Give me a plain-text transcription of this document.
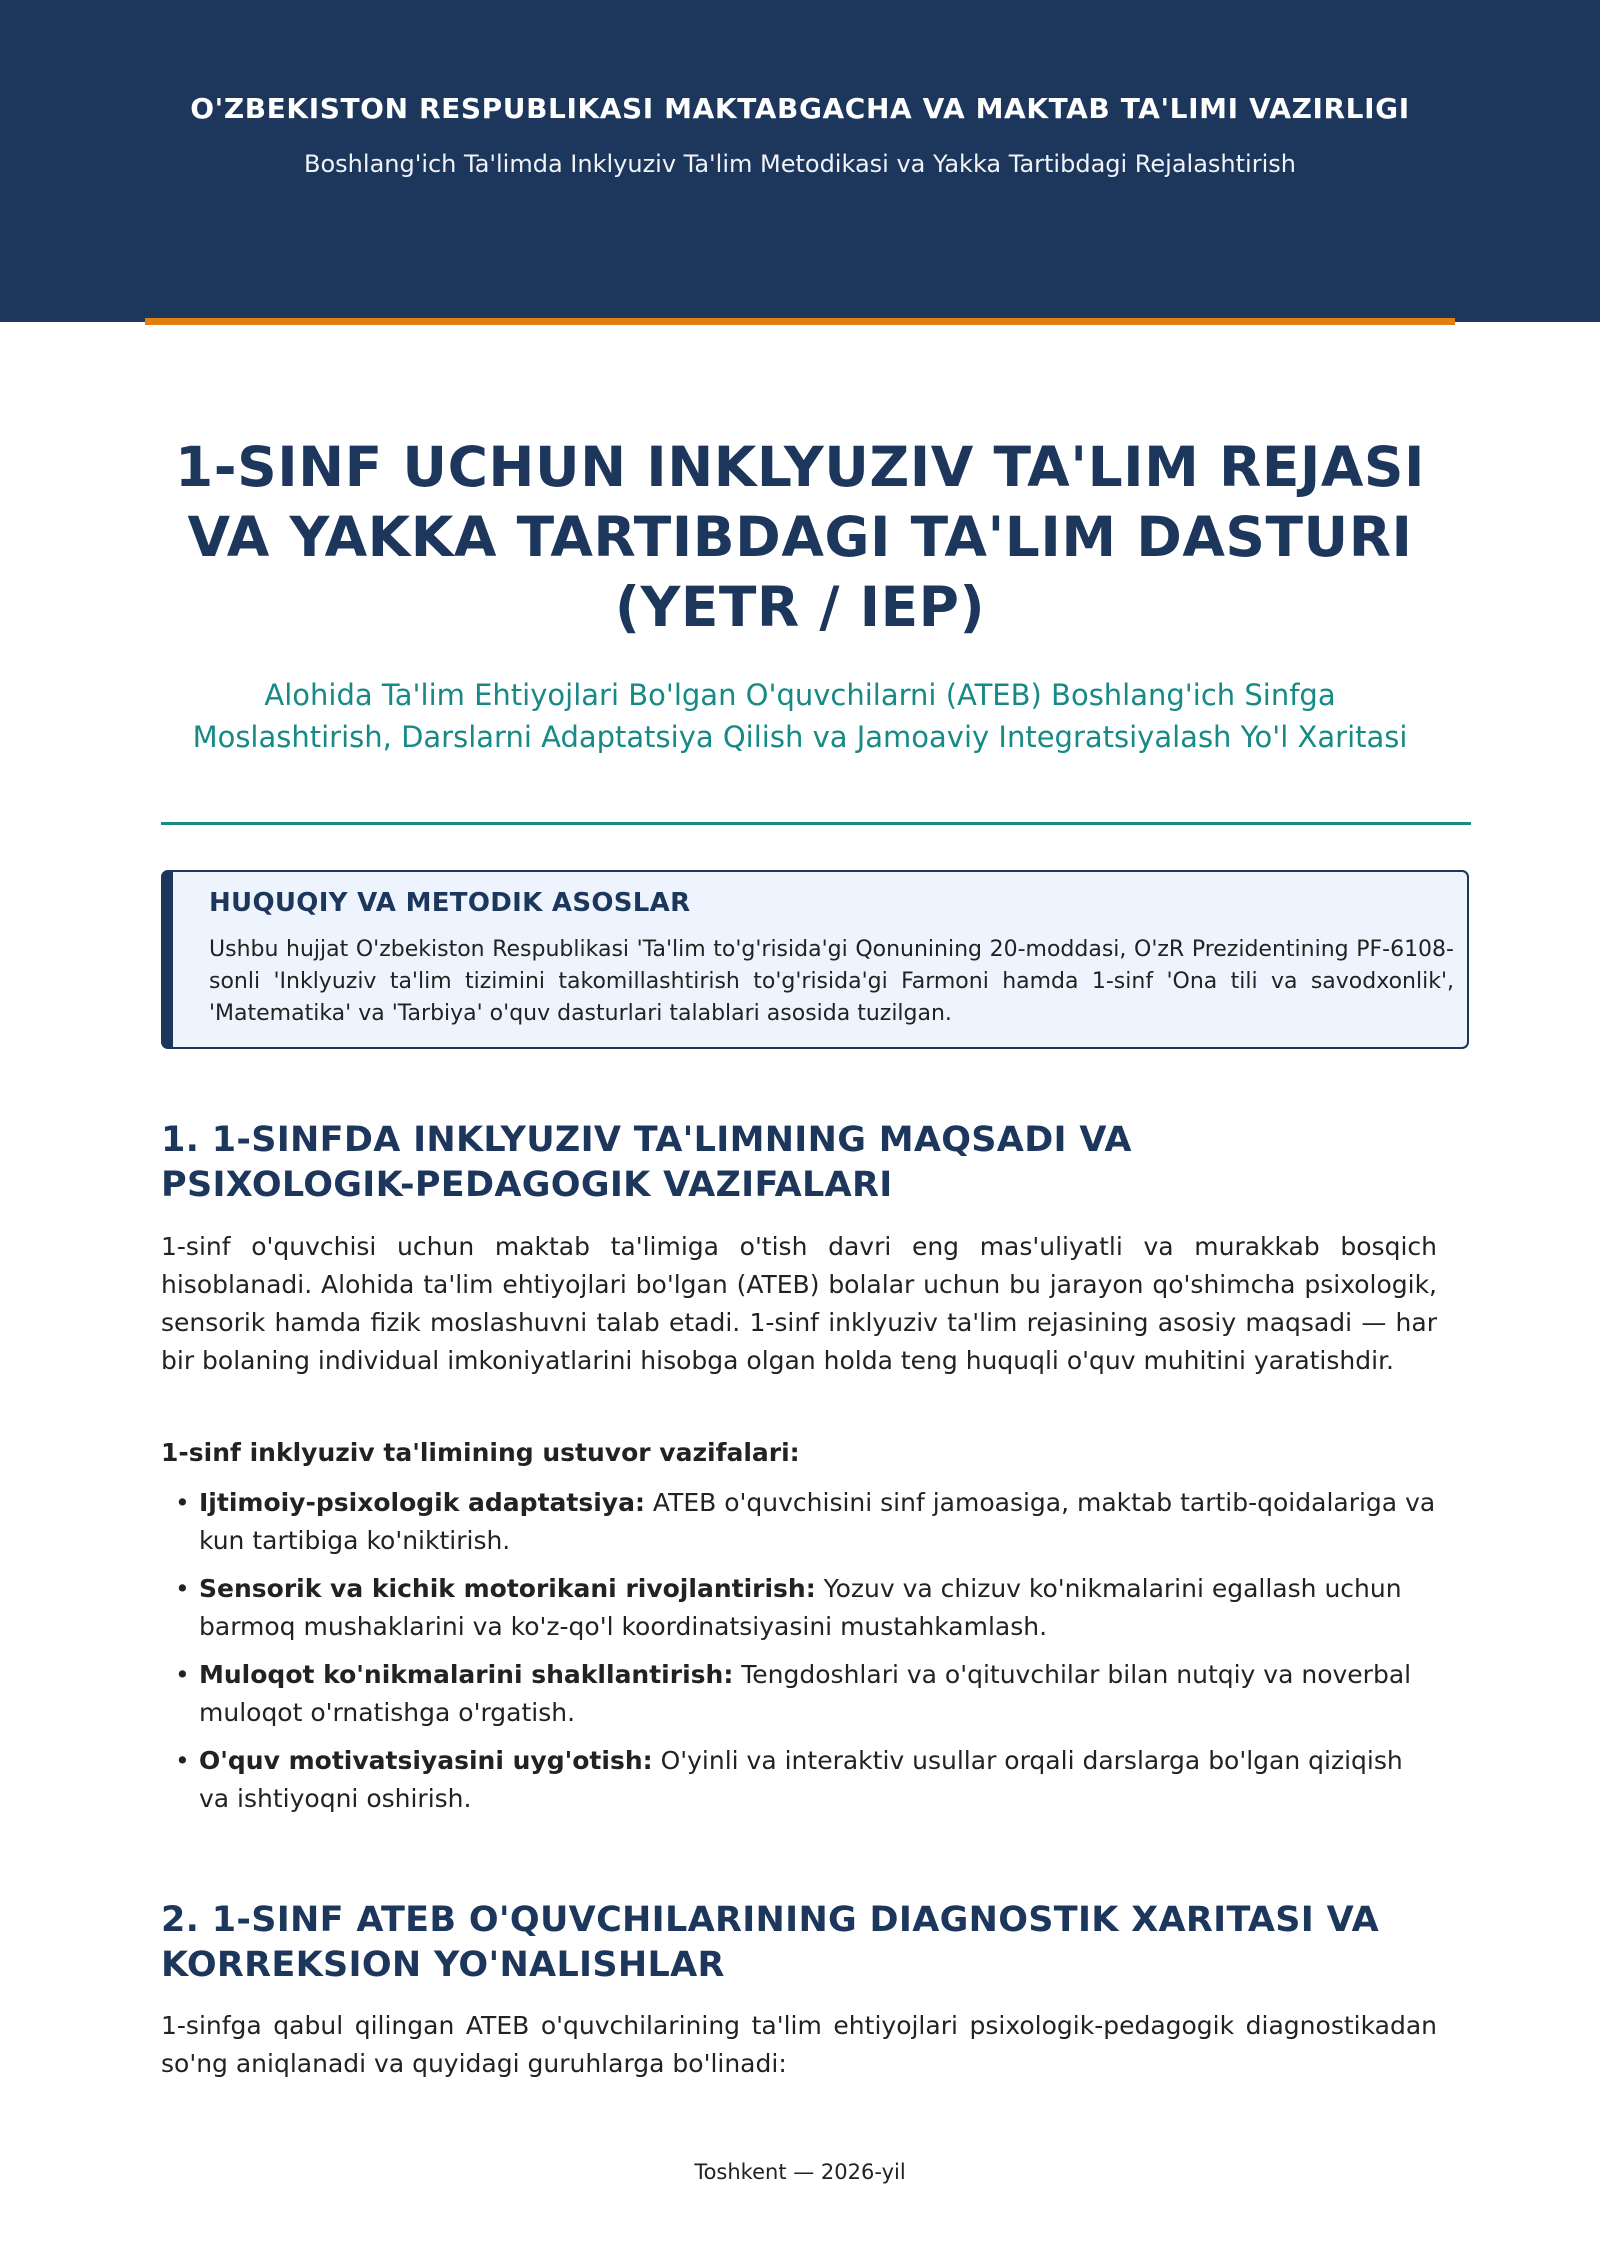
O'ZBEKISTON RESPUBLIKASI MAKTABGACHA VA MAKTAB TA'LIMI VAZIRLIGI
Boshlang'ich Ta'limda Inklyuziv Ta'lim Metodikasi va Yakka Tartibdagi Rejalashtirish
1-SINF UCHUN INKLYUZIV TA'LIM REJASI
VA YAKKA TARTIBDAGI TA'LIM DASTURI
(YETR / IEP)
Alohida Ta'lim Ehtiyojlari Bo'lgan O'quvchilarni (ATEB) Boshlang'ich Sinfga
Moslashtirish, Darslarni Adaptatsiya Qilish va Jamoaviy Integratsiyalash Yo'l Xaritasi
HUQUQIY VA METODIK ASOSLAR
Ushbu hujjat O'zbekiston Respublikasi 'Ta'lim to'g'risida'gi Qonunining 20-moddasi, O'zR Prezidentining PF-6108-sonli 'Inklyuziv ta'lim tizimini takomillashtirish to'g'risida'gi Farmoni hamda 1-sinf 'Ona tili va savodxonlik', 'Matematika' va 'Tarbiya' o'quv dasturlari talablari asosida tuzilgan.
1. 1-SINFDA INKLYUZIV TA'LIMNING MAQSADI VA
PSIXOLOGIK-PEDAGOGIK VAZIFALARI
1-sinf o'quvchisi uchun maktab ta'limiga o'tish davri eng mas'uliyatli va murakkab bosqich hisoblanadi. Alohida ta'lim ehtiyojlari bo'lgan (ATEB) bolalar uchun bu jarayon qo'shimcha psixologik, sensorik hamda fizik moslashuvni talab etadi. 1-sinf inklyuziv ta'lim rejasining asosiy maqsadi — har bir bolaning individual imkoniyatlarini hisobga olgan holda teng huquqli o'quv muhitini yaratishdir.
1-sinf inklyuziv ta'limining ustuvor vazifalari:
• Ijtimoiy-psixologik adaptatsiya: ATEB o'quvchisini sinf jamoasiga, maktab tartib-qoidalariga va kun tartibiga ko'niktirish.
• Sensorik va kichik motorikani rivojlantirish: Yozuv va chizuv ko'nikmalarini egallash uchun barmoq mushaklarini va ko'z-qo'l koordinatsiyasini mustahkamlash.
• Muloqot ko'nikmalarini shakllantirish: Tengdoshlari va o'qituvchilar bilan nutqiy va noverbal muloqot o'rnatishga o'rgatish.
• O'quv motivatsiyasini uyg'otish: O'yinli va interaktiv usullar orqali darslarga bo'lgan qiziqish va ishtiyoqni oshirish.
2. 1-SINF ATEB O'QUVCHILARINING DIAGNOSTIK XARITASI VA
KORREKSION YO'NALISHLAR
1-sinfga qabul qilingan ATEB o'quvchilarining ta'lim ehtiyojlari psixologik-pedagogik diagnostikadan so'ng aniqlanadi va quyidagi guruhlarga bo'linadi:
Toshkent — 2026-yil
